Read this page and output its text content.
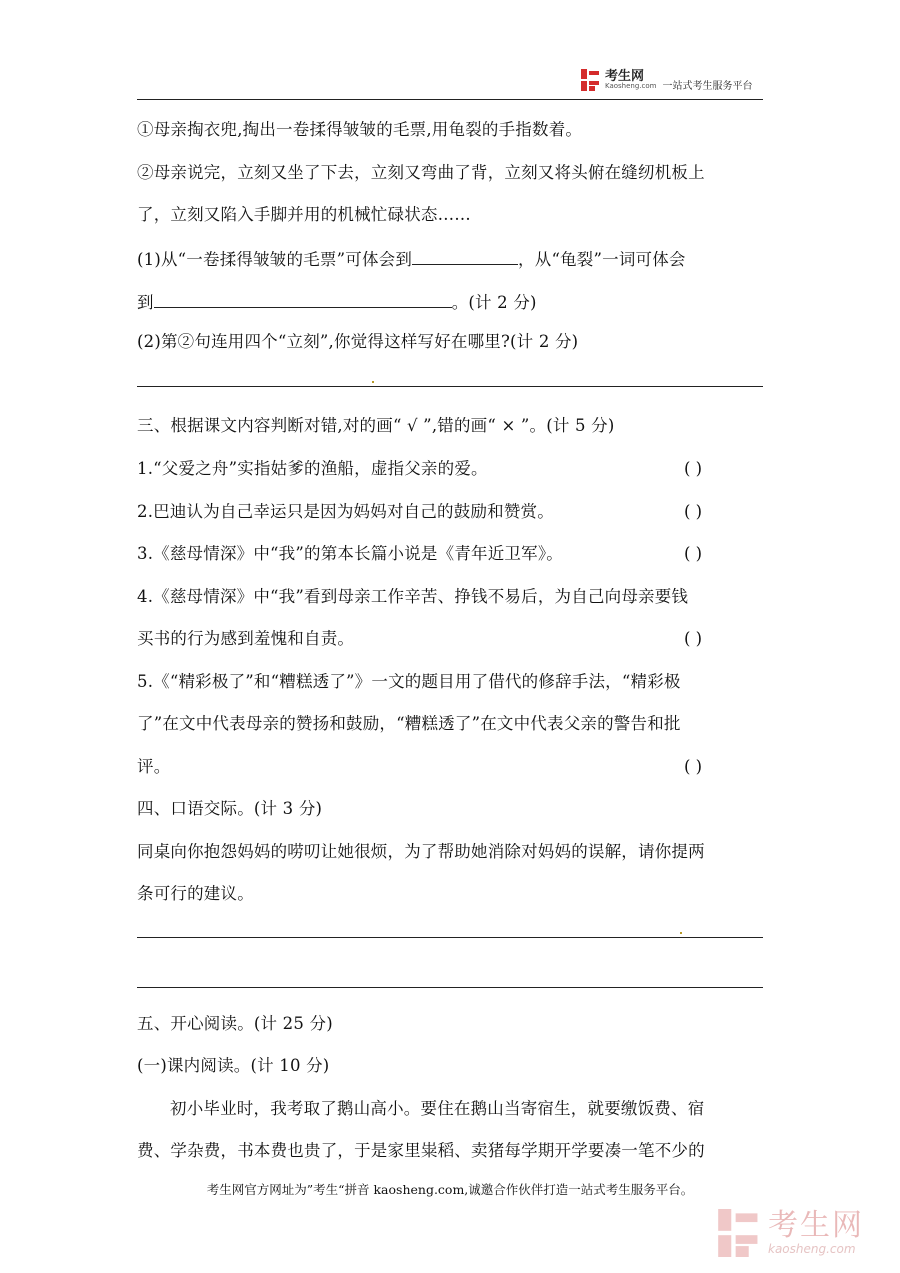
考生网
Kaosheng.com 一站式考生服务平台
①母亲掏衣兜,掏出一卷揉得皱皱的毛票,用龟裂的手指数着。
②母亲说完，立刻又坐了下去，立刻又弯曲了背，立刻又将头俯在缝纫机板上
了，立刻又陷入手脚并用的机械忙碌状态……
(1)从“一卷揉得皱皱的毛票”可体会到	，从“龟裂”一词可体会
到	。(计 2 分)
(2)第②句连用四个“立刻”,你觉得这样写好在哪里?(计 2 分)
三、根据课文内容判断对错,对的画“ √ ”,错的画“ × ”。(计 5 分)
1.“父爱之舟”实指姑爹的渔船，虚指父亲的爱。	( )
2.巴迪认为自己幸运只是因为妈妈对自己的鼓励和赞赏。	( )
3.《慈母情深》中“我”的第本长篇小说是《青年近卫军》。	( )
4.《慈母情深》中“我”看到母亲工作辛苦、挣钱不易后，为自己向母亲要钱
买书的行为感到羞愧和自责。	( )
5.《“精彩极了”和“糟糕透了”》一文的题目用了借代的修辞手法，“精彩极
了”在文中代表母亲的赞扬和鼓励，“糟糕透了”在文中代表父亲的警告和批
评。	( )
四、口语交际。(计 3 分)
同桌向你抱怨妈妈的唠叨让她很烦，为了帮助她消除对妈妈的误解，请你提两
条可行的建议。
五、开心阅读。(计 25 分)
(一)课内阅读。(计 10 分)
初小毕业时，我考取了鹅山高小。要住在鹅山当寄宿生，就要缴饭费、宿
费、学杂费，书本费也贵了，于是家里粜稻、卖猪每学期开学要凑一笔不少的
考生网官方网址为”考生“拼音 kaosheng.com,诚邀合作伙伴打造一站式考生服务平台。
考生网
kaosheng.com
